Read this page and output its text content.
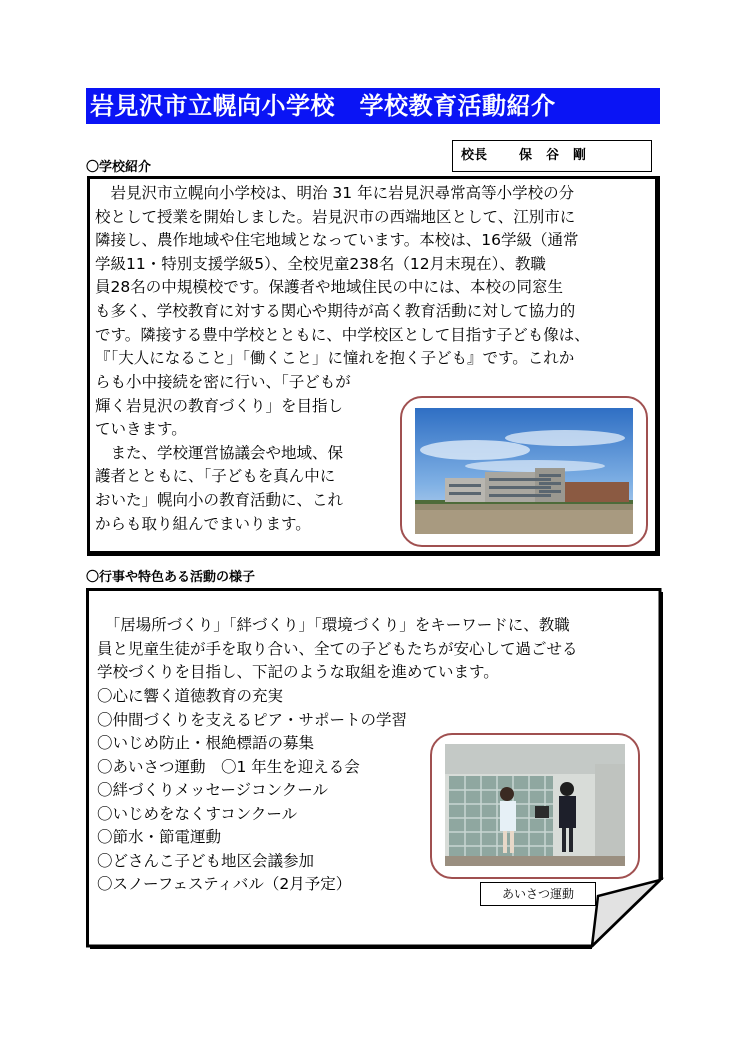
岩見沢市立幌向小学校　学校教育活動紹介
校長 保谷剛
〇学校紹介
　岩見沢市立幌向小学校は、明治 31 年に岩見沢尋常高等小学校の分
校として授業を開始しました。岩見沢市の西端地区として、江別市に
隣接し、農作地域や住宅地域となっています。本校は、16学級（通常
学級11・特別支援学級5）、全校児童238名（12月末現在）、教職
員28名の中規模校です。保護者や地域住民の中には、本校の同窓生
も多く、学校教育に対する関心や期待が高く教育活動に対して協力的
です。隣接する豊中学校とともに、中学校区として目指す子ども像は、
『「大人になること」「働くこと」に憧れを抱く子ども』です。これか
らも小中接続を密に行い、「子どもが
輝く岩見沢の教育づくり」を目指し
ていきます。
　また、学校運営協議会や地域、保
護者とともに、「子どもを真ん中に
おいた」幌向小の教育活動に、これ
からも取り組んでまいります。
〇行事や特色ある活動の様子
　「居場所づくり」「絆づくり」「環境づくり」をキーワードに、教職
員と児童生徒が手を取り合い、全ての子どもたちが安心して過ごせる
学校づくりを目指し、下記のような取組を進めています。
〇心に響く道徳教育の充実
〇仲間づくりを支えるピア・サポートの学習
〇いじめ防止・根絶標語の募集
〇あいさつ運動　〇1 年生を迎える会
〇絆づくりメッセージコンクール
〇いじめをなくすコンクール
〇節水・節電運動
〇どさんこ子ども地区会議参加
〇スノーフェスティバル（2月予定）
あいさつ運動
